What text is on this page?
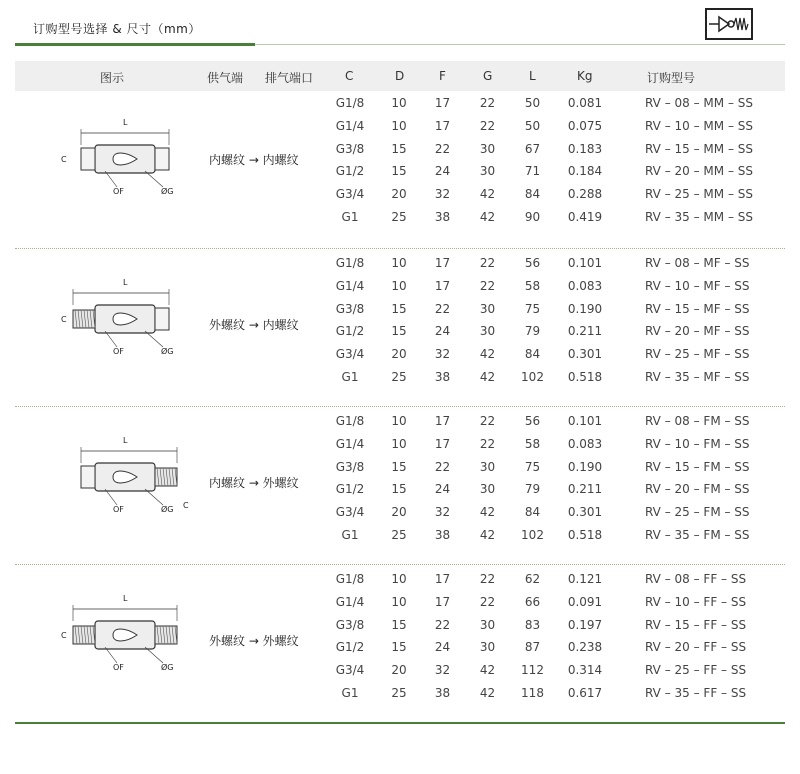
订购型号选择 & 尺寸（mm）
图示	供气端 排气端口	C	D	F	G	L	Kg	订购型号
L
C
OF	ØG
内螺纹 → 内螺纹
G1/8	10	17	22	50	0.081	RV – 08 – MM – SS
G1/4	10	17	22	50	0.075	RV – 10 – MM – SS
G3/8	15	22	30	67	0.183	RV – 15 – MM – SS
G1/2	15	24	30	71	0.184	RV – 20 – MM – SS
G3/4	20	32	42	84	0.288	RV – 25 – MM – SS
G1	25	38	42	90	0.419	RV – 35 – MM – SS
L
C
OF	ØG
外螺纹 → 内螺纹
G1/8	10	17	22	56	0.101	RV – 08 – MF – SS
G1/4	10	17	22	58	0.083	RV – 10 – MF – SS
G3/8	15	22	30	75	0.190	RV – 15 – MF – SS
G1/2	15	24	30	79	0.211	RV – 20 – MF – SS
G3/4	20	32	42	84	0.301	RV – 25 – MF – SS
G1	25	38	42	102	0.518	RV – 35 – MF – SS
L
C
OF	ØG
内螺纹 → 外螺纹
G1/8	10	17	22	56	0.101	RV – 08 – FM – SS
G1/4	10	17	22	58	0.083	RV – 10 – FM – SS
G3/8	15	22	30	75	0.190	RV – 15 – FM – SS
G1/2	15	24	30	79	0.211	RV – 20 – FM – SS
G3/4	20	32	42	84	0.301	RV – 25 – FM – SS
G1	25	38	42	102	0.518	RV – 35 – FM – SS
L
C
OF	ØG
外螺纹 → 外螺纹
G1/8	10	17	22	62	0.121	RV – 08 – FF – SS
G1/4	10	17	22	66	0.091	RV – 10 – FF – SS
G3/8	15	22	30	83	0.197	RV – 15 – FF – SS
G1/2	15	24	30	87	0.238	RV – 20 – FF – SS
G3/4	20	32	42	112	0.314	RV – 25 – FF – SS
G1	25	38	42	118	0.617	RV – 35 – FF – SS
